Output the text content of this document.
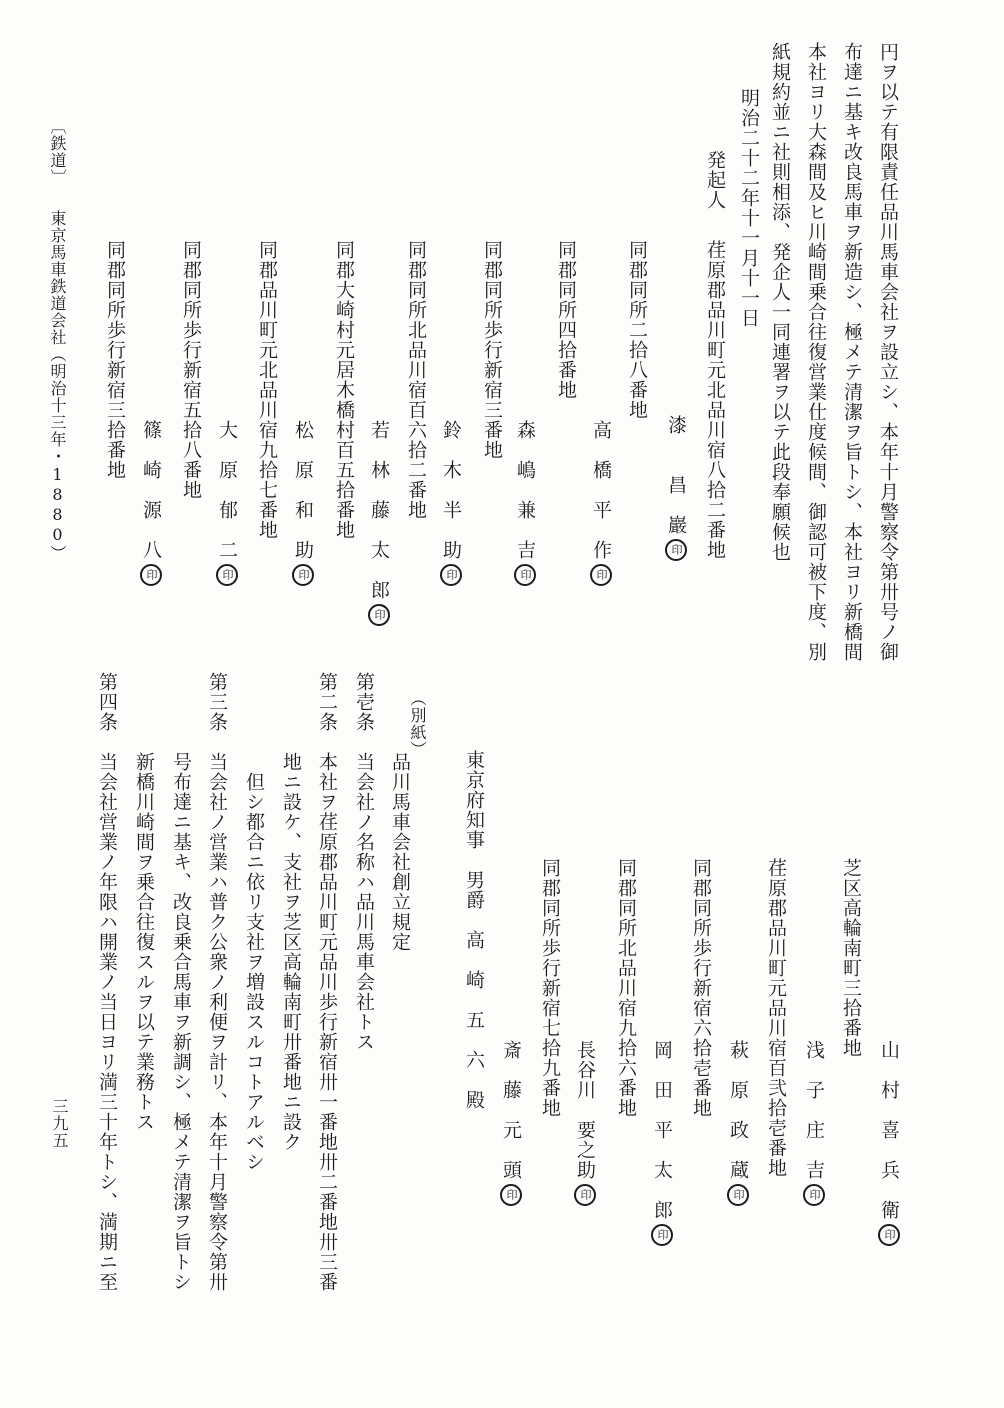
円ヲ以テ有限責任品川馬車会社ヲ設立シ、本年十月警察令第卅号ノ御
布達ニ基キ改良馬車ヲ新造シ、極メテ清潔ヲ旨トシ、本社ヨリ新橋間
本社ヨリ大森間及ヒ川崎間乗合往復営業仕度候間、御認可被下度、別
紙規約並ニ社則相添、発企人一同連署ヲ以テ此段奉願候也
明治二十二年十一月十一日
発起人
荏原郡品川町元北品川宿八拾二番地
同郡同所二拾八番地
漆　　昌　巖印
高　橋　平　作印
同郡同所四拾番地
森　嶋　兼　吉印
同郡同所歩行新宿三番地
鈴　木　半　助印
同郡同所北品川宿百六拾二番地
若　林　藤　太　郎印
同郡大崎村元居木橋村百五拾番地
松　原　和　助印
同郡品川町元北品川宿九拾七番地
大　原　郁　二印
同郡同所歩行新宿五拾八番地
篠　崎　源　八印
同郡同所歩行新宿三拾番地
〔鉄道〕
東京馬車鉄道会社（明治十三年・1880）
山　村　喜　兵　衛印
芝区高輪南町三拾番地
浅　子　庄　吉印
荏原郡品川町元品川宿百弐拾壱番地
萩　原　政　蔵印
同郡同所歩行新宿六拾壱番地
岡　田　平　太　郎印
同郡同所北品川宿九拾六番地
長谷川　要之助印
同郡同所歩行新宿七拾九番地
斎　藤　元　頭印
東京府知事　男爵　高　崎　五　六　殿
（別紙）
品川馬車会社創立規定
第壱条
当会社ノ名称ハ品川馬車会社トス
第二条
本社ヲ荏原郡品川町元品川歩行新宿卅一番地卅二番地卅三番
地ニ設ケ、支社ヲ芝区高輪南町卅番地ニ設ク
　但シ都合ニ依リ支社ヲ増設スルコトアルベシ
第三条
当会社ノ営業ハ普ク公衆ノ利便ヲ計リ、本年十月警察令第卅
号布達ニ基キ、改良乗合馬車ヲ新調シ、極メテ清潔ヲ旨トシ
新橋川崎間ヲ乗合往復スルヲ以テ業務トス
第四条
当会社営業ノ年限ハ開業ノ当日ヨリ満三十年トシ、満期ニ至
三九五
